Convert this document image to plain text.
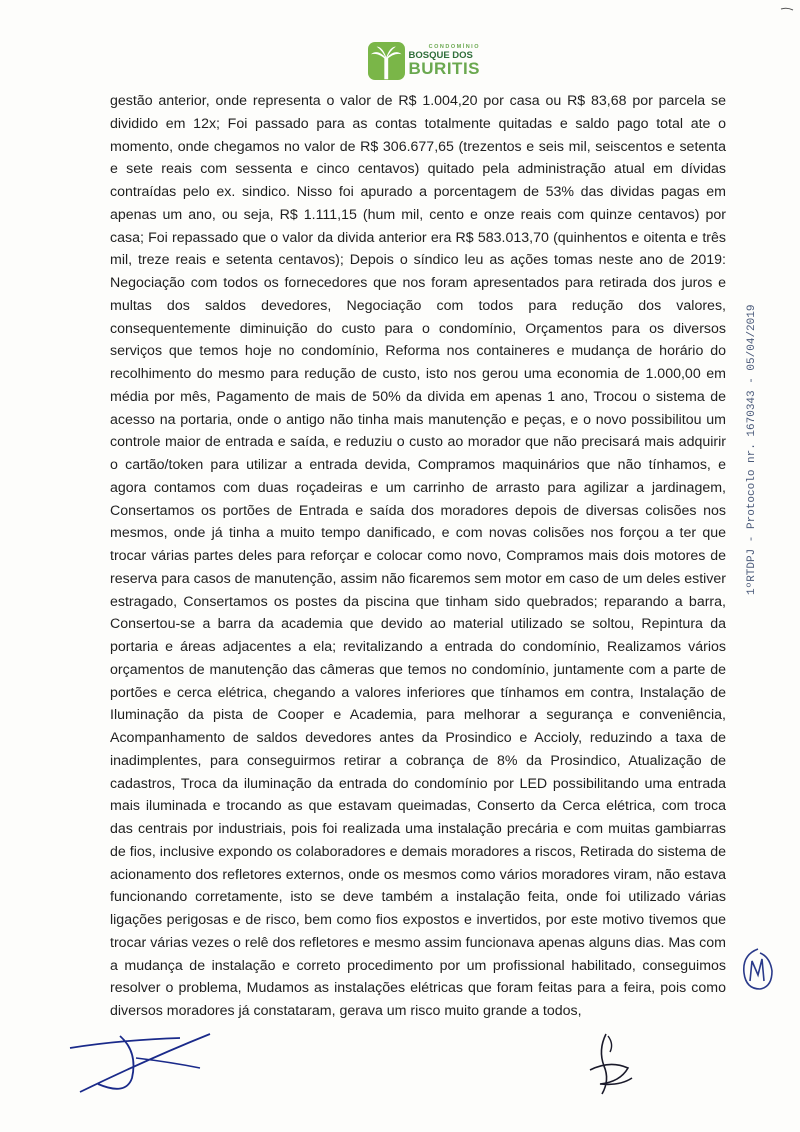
CONDOMÍNIO
BOSQUE DOS
BURITIS

gestão anterior, onde representa o valor de R$ 1.004,20 por casa ou R$ 83,68 por parcela se dividido em 12x; Foi passado para as contas totalmente quitadas e saldo pago total ate o momento, onde chegamos no valor de R$ 306.677,65 (trezentos e seis mil, seiscentos e setenta e sete reais com sessenta e cinco centavos) quitado pela administração atual em dívidas contraídas pelo ex. sindico. Nisso foi apurado a porcentagem de 53% das dividas pagas em apenas um ano, ou seja, R$ 1.111,15 (hum mil, cento e onze reais com quinze centavos) por casa; Foi repassado que o valor da divida anterior era R$ 583.013,70 (quinhentos e oitenta e três mil, treze reais e setenta centavos); Depois o síndico leu as ações tomas neste ano de 2019: Negociação com todos os fornecedores que nos foram apresentados para retirada dos juros e multas dos saldos devedores, Negociação com todos para redução dos valores, consequentemente diminuição do custo para o condomínio, Orçamentos para os diversos serviços que temos hoje no condomínio, Reforma nos containeres e mudança de horário do recolhimento do mesmo para redução de custo, isto nos gerou uma economia de 1.000,00 em média por mês, Pagamento de mais de 50% da divida em apenas 1 ano, Trocou o sistema de acesso na portaria, onde o antigo não tinha mais manutenção e peças, e o novo possibilitou um controle maior de entrada e saída, e reduziu o custo ao morador que não precisará mais adquirir o cartão/token para utilizar a entrada devida, Compramos maquinários que não tínhamos, e agora contamos com duas roçadeiras e um carrinho de arrasto para agilizar a jardinagem, Consertamos os portões de Entrada e saída dos moradores depois de diversas colisões nos mesmos, onde já tinha a muito tempo danificado, e com novas colisões nos forçou a ter que trocar várias partes deles para reforçar e colocar como novo, Compramos mais dois motores de reserva para casos de manutenção, assim não ficaremos sem motor em caso de um deles estiver estragado, Consertamos os postes da piscina que tinham sido quebrados; reparando a barra, Consertou-se a barra da academia que devido ao material utilizado se soltou, Repintura da portaria e áreas adjacentes a ela; revitalizando a entrada do condomínio, Realizamos vários orçamentos de manutenção das câmeras que temos no condomínio, juntamente com a parte de portões e cerca elétrica, chegando a valores inferiores que tínhamos em contra, Instalação de Iluminação da pista de Cooper e Academia, para melhorar a segurança e conveniência, Acompanhamento de saldos devedores antes da Prosindico e Accioly, reduzindo a taxa de inadimplentes, para conseguirmos retirar a cobrança de 8% da Prosindico, Atualização de cadastros, Troca da iluminação da entrada do condomínio por LED possibilitando uma entrada mais iluminada e trocando as que estavam queimadas, Conserto da Cerca elétrica, com troca das centrais por industriais, pois foi realizada uma instalação precária e com muitas gambiarras de fios, inclusive expondo os colaboradores e demais moradores a riscos, Retirada do sistema de acionamento dos refletores externos, onde os mesmos como vários moradores viram, não estava funcionando corretamente, isto se deve também a instalação feita, onde foi utilizado várias ligações perigosas e de risco, bem como fios expostos e invertidos, por este motivo tivemos que trocar várias vezes o relê dos refletores e mesmo assim funcionava apenas alguns dias. Mas com a mudança de instalação e correto procedimento por um profissional habilitado, conseguimos resolver o problema, Mudamos as instalações elétricas que foram feitas para a feira, pois como diversos moradores já constataram, gerava um risco muito grande a todos,

1ºRTDPJ - Protocolo nr. 1670343 - 05/04/2019
